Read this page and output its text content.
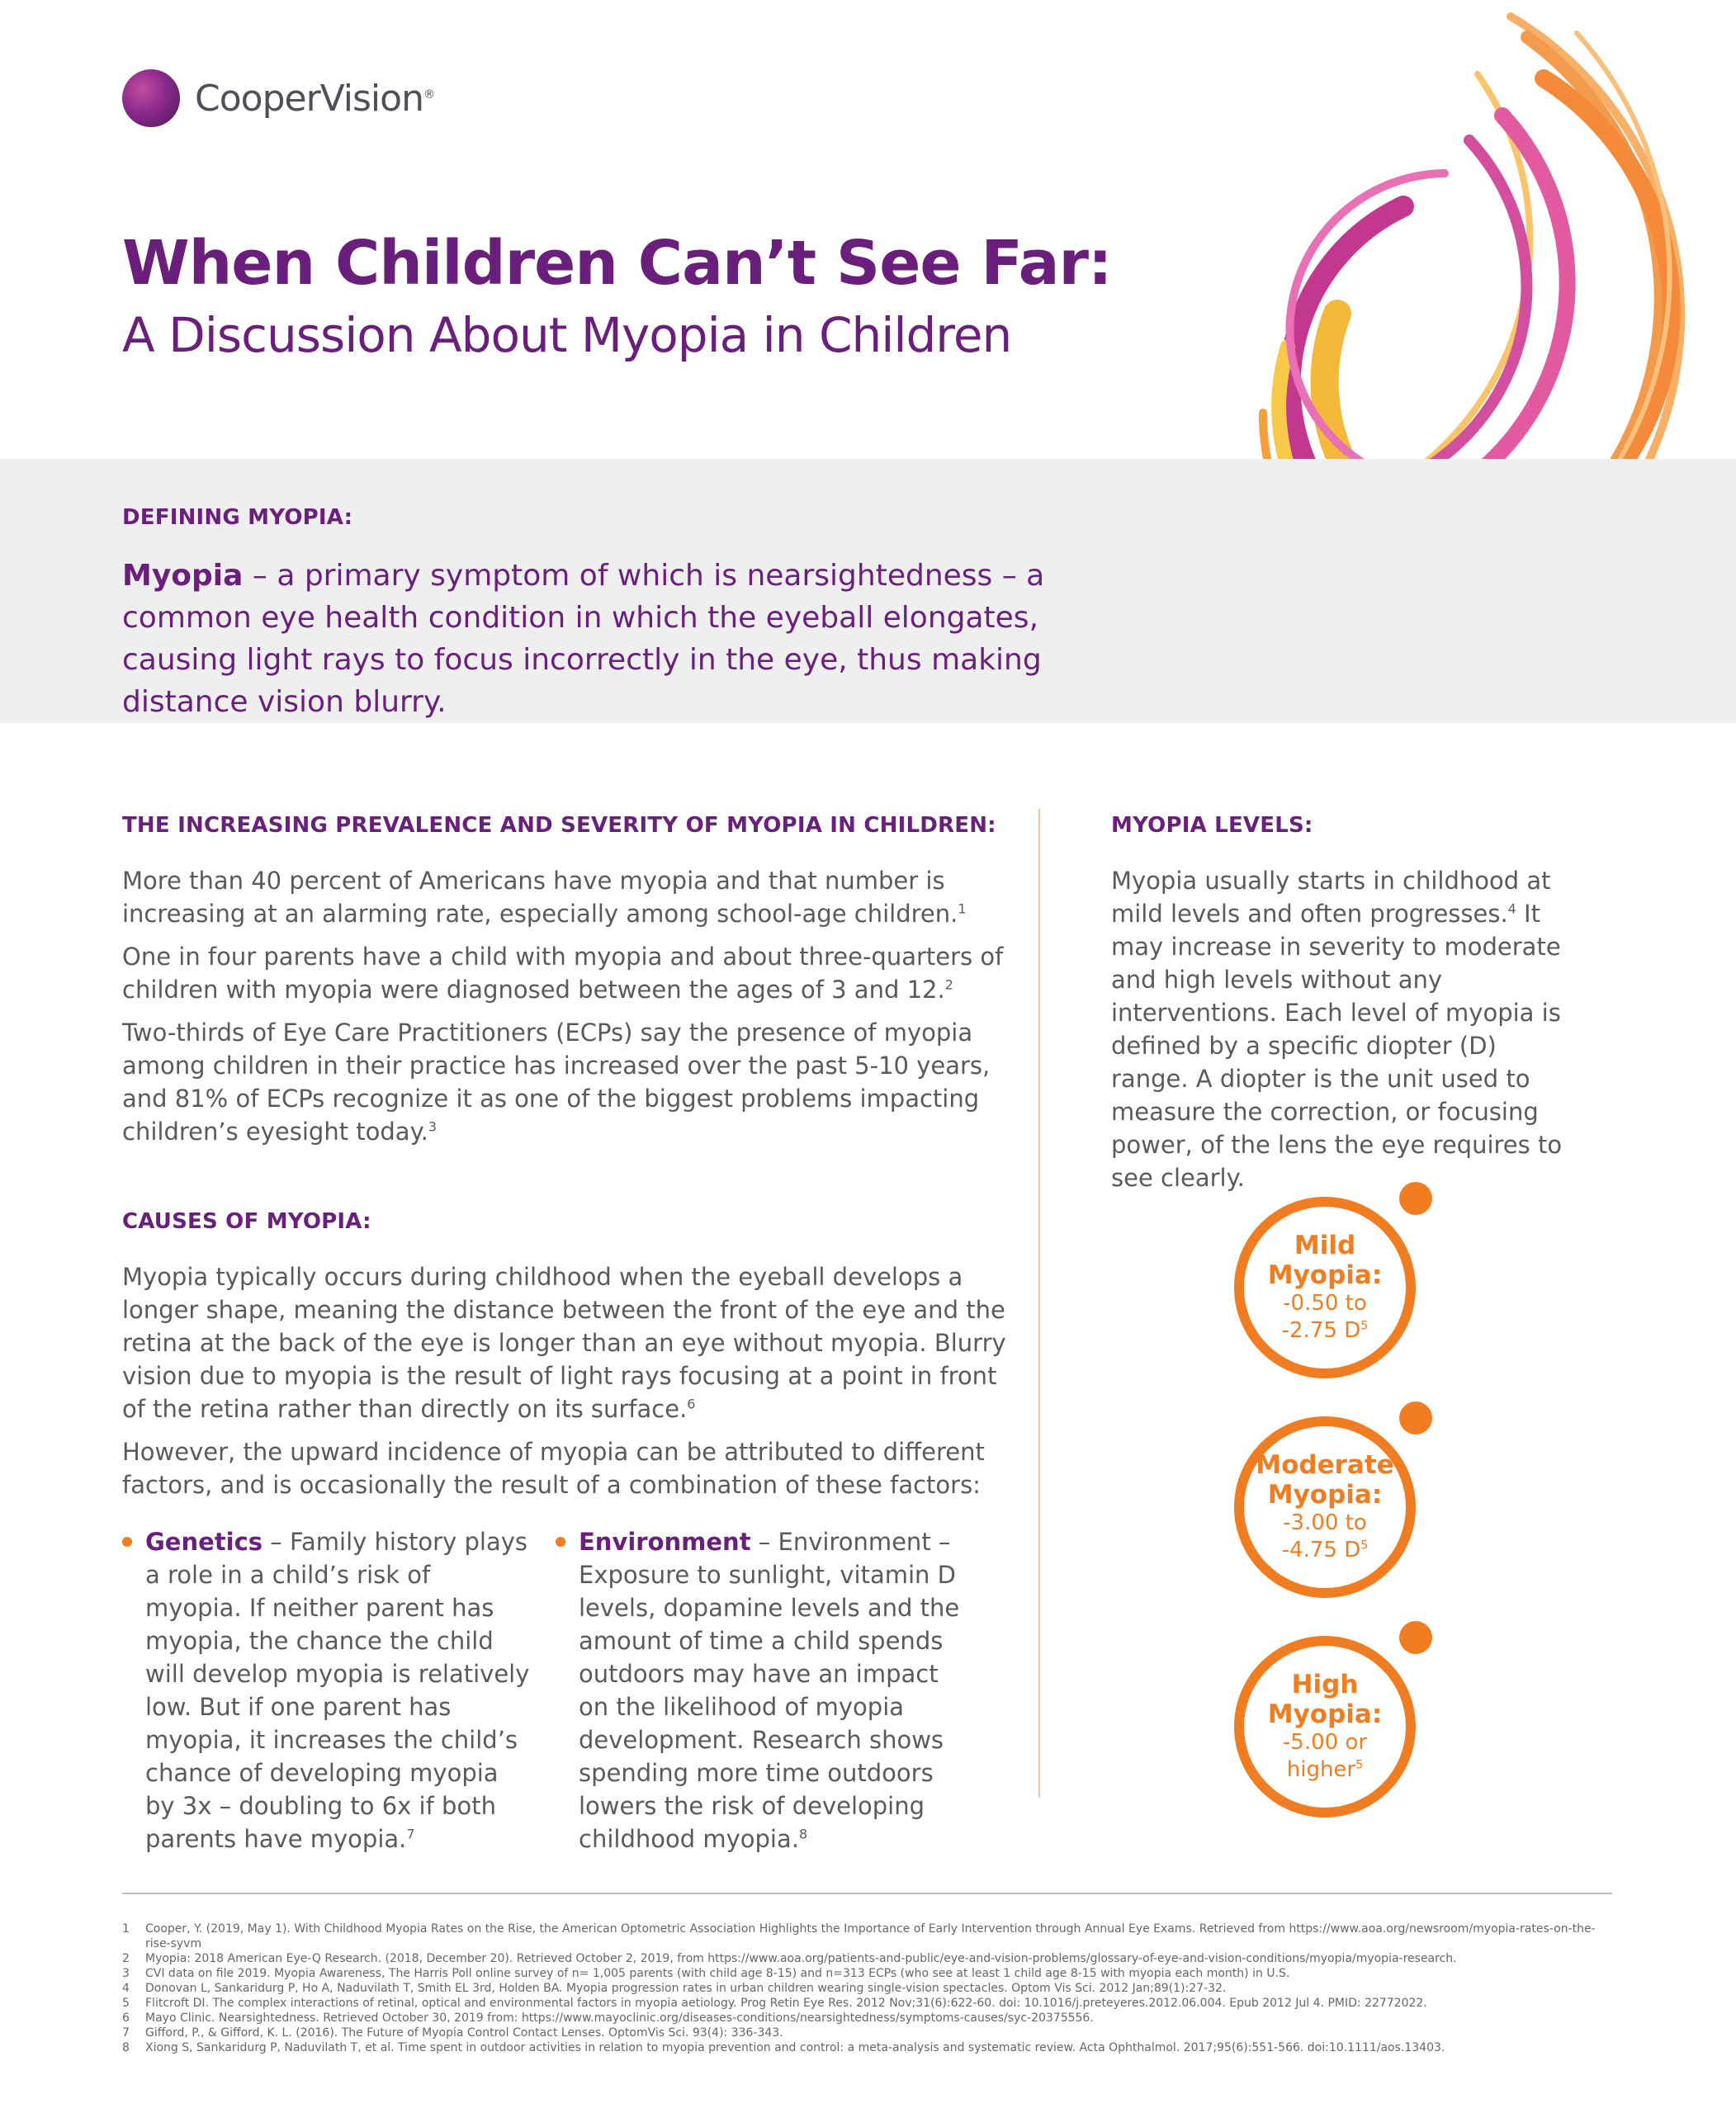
CooperVision®
When Children Can’t See Far:
A Discussion About Myopia in Children

DEFINING MYOPIA:

Myopia – a primary symptom of which is nearsightedness – a common eye health condition in which the eyeball elongates, causing light rays to focus incorrectly in the eye, thus making distance vision blurry.

THE INCREASING PREVALENCE AND SEVERITY OF MYOPIA IN CHILDREN:

More than 40 percent of Americans have myopia and that number is increasing at an alarming rate, especially among school-age children.$^1$

One in four parents have a child with myopia and about three-quarters of children with myopia were diagnosed between the ages of 3 and 12.$^2$

Two-thirds of Eye Care Practitioners (ECPs) say the presence of myopia among children in their practice has increased over the past 5-10 years, and 81% of ECPs recognize it as one of the biggest problems impacting children’s eyesight today.$^3$

CAUSES OF MYOPIA:

Myopia typically occurs during childhood when the eyeball develops a longer shape, meaning the distance between the front of the eye and the retina at the back of the eye is longer than an eye without myopia. Blurry vision due to myopia is the result of light rays focusing at a point in front of the retina rather than directly on its surface.$^6$

However, the upward incidence of myopia can be attributed to different factors, and is occasionally the result of a combination of these factors:

Genetics – Family history plays a role in a child’s risk of myopia. If neither parent has myopia, the chance the child will develop myopia is relatively low. But if one parent has myopia, it increases the child’s chance of developing myopia by 3x – doubling to 6x if both parents have myopia.$^7$

Environment – Environment – Exposure to sunlight, vitamin D levels, dopamine levels and the amount of time a child spends outdoors may have an impact on the likelihood of myopia development. Research shows spending more time outdoors lowers the risk of developing childhood myopia.$^8$

MYOPIA LEVELS:

Myopia usually starts in childhood at mild levels and often progresses.$^4$ It may increase in severity to moderate and high levels without any interventions. Each level of myopia is defined by a specific diopter (D) range. A diopter is the unit used to measure the correction, or focusing power, of the lens the eye requires to see clearly.

Mild
Myopia:
-0.50 to
-2.75 $D^5$
Moderate
Myopia:
-3.00 to
-4.75 $D^5$
High
Myopia:
-5.00 or
higher$^5$
1	Cooper, Y. (2019, May 1). With Childhood Myopia Rates on the Rise, the American Optometric Association Highlights the Importance of Early Intervention through Annual Eye Exams. Retrieved from https://www.aoa.org/newsroom/myopia-rates-on-the-rise-syvm
2	Myopia: 2018 American Eye-Q Research. (2018, December 20). Retrieved October 2, 2019, from https://www.aoa.org/patients-and-public/eye-and-vision-problems/glossary-of-eye-and-vision-conditions/myopia/myopia-research.
3	CVI data on file 2019. Myopia Awareness, The Harris Poll online survey of n= 1,005 parents (with child age 8-15) and n=313 ECPs (who see at least 1 child age 8-15 with myopia each month) in U.S.
4	Donovan L, Sankaridurg P, Ho A, Naduvilath T, Smith EL 3rd, Holden BA. Myopia progression rates in urban children wearing single-vision spectacles. Optom Vis Sci. 2012 Jan;89(1):27-32.
5	Flitcroft DI. The complex interactions of retinal, optical and environmental factors in myopia aetiology. Prog Retin Eye Res. 2012 Nov;31(6):622-60. doi: 10.1016/j.preteyeres.2012.06.004. Epub 2012 Jul 4. PMID: 22772022.
6	Mayo Clinic. Nearsightedness. Retrieved October 30, 2019 from: https://www.mayoclinic.org/diseases-conditions/nearsightedness/symptoms-causes/syc-20375556.
7	Gifford, P., & Gifford, K. L. (2016). The Future of Myopia Control Contact Lenses. OptomVis Sci. 93(4): 336-343.
8	Xiong S, Sankaridurg P, Naduvilath T, et al. Time spent in outdoor activities in relation to myopia prevention and control: a meta-analysis and systematic review. Acta Ophthalmol. 2017;95(6):551-566. doi:10.1111/aos.13403.
